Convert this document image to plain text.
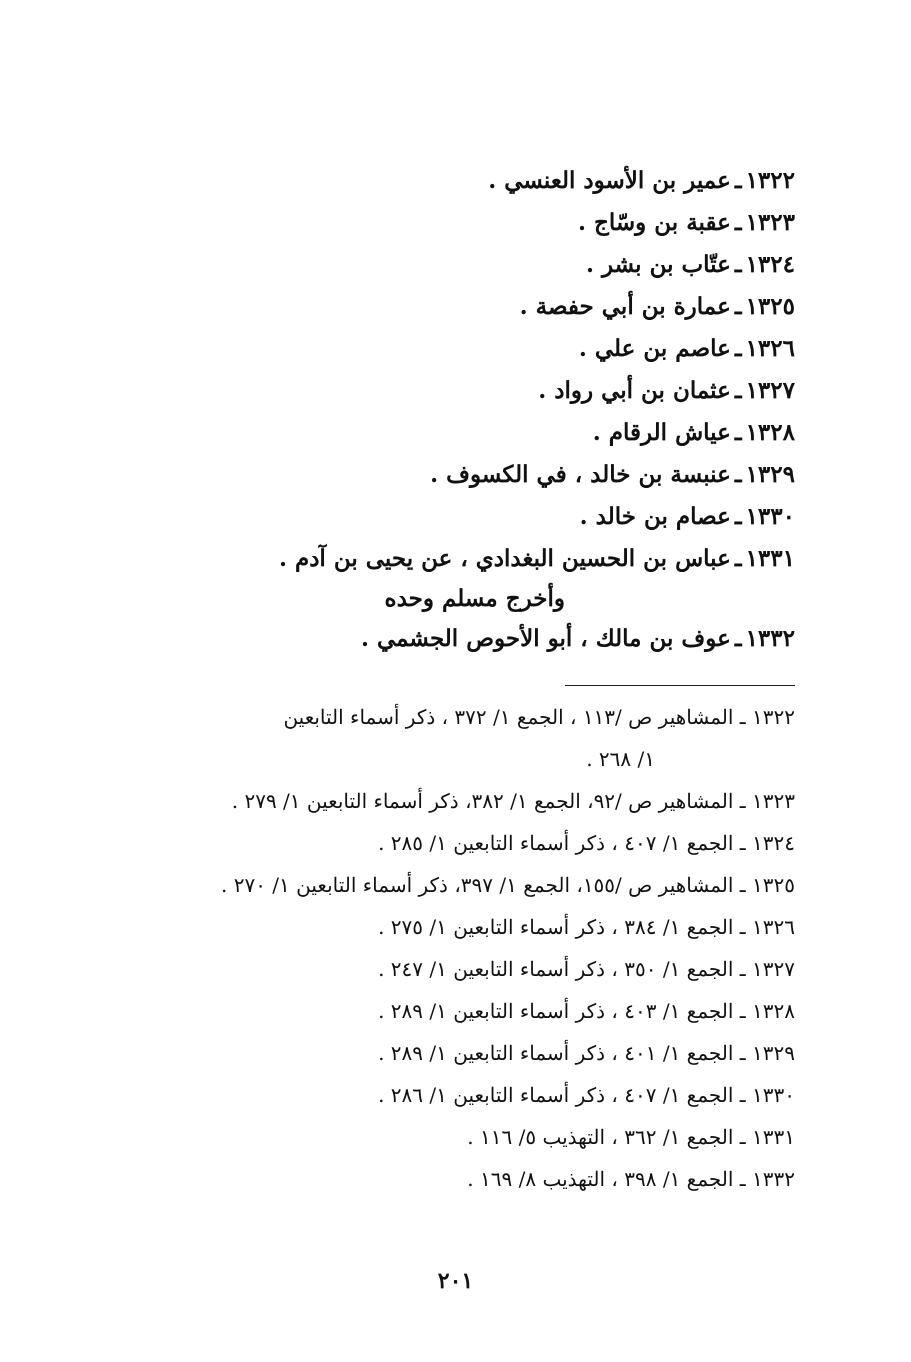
١٣٢٢ـعمير بن الأسود العنسي .
١٣٢٣ـعقبة بن وسّاج .
١٣٢٤ـعتّاب بن بشر .
١٣٢٥ـعمارة بن أبي حفصة .
١٣٢٦ـعاصم بن علي .
١٣٢٧ـعثمان بن أبي رواد .
١٣٢٨ـعياش الرقام .
١٣٢٩ـعنبسة بن خالد ، في الكسوف .
١٣٣٠ـعصام بن خالد .
١٣٣١ـعباس بن الحسين البغدادي ، عن يحيى بن آدم .
وأخرج مسلم وحده
١٣٣٢ـعوف بن مالك ، أبو الأحوص الجشمي .
١٣٢٢ ـ المشاهير ص /١١٣ ، الجمع ١/ ٣٧٢ ، ذكر أسماء التابعين
١/ ٢٦٨ .
١٣٢٣ ـ المشاهير ص /٩٢، الجمع ١/ ٣٨٢، ذكر أسماء التابعين ١/ ٢٧٩ .
١٣٢٤ ـ الجمع ١/ ٤٠٧ ، ذكر أسماء التابعين ١/ ٢٨٥ .
١٣٢٥ ـ المشاهير ص /١٥٥، الجمع ١/ ٣٩٧، ذكر أسماء التابعين ١/ ٢٧٠ .
١٣٢٦ ـ الجمع ١/ ٣٨٤ ، ذكر أسماء التابعين ١/ ٢٧٥ .
١٣٢٧ ـ الجمع ١/ ٣٥٠ ، ذكر أسماء التابعين ١/ ٢٤٧ .
١٣٢٨ ـ الجمع ١/ ٤٠٣ ، ذكر أسماء التابعين ١/ ٢٨٩ .
١٣٢٩ ـ الجمع ١/ ٤٠١ ، ذكر أسماء التابعين ١/ ٢٨٩ .
١٣٣٠ ـ الجمع ١/ ٤٠٧ ، ذكر أسماء التابعين ١/ ٢٨٦ .
١٣٣١ ـ الجمع ١/ ٣٦٢ ، التهذيب ٥/ ١١٦ .
١٣٣٢ ـ الجمع ١/ ٣٩٨ ، التهذيب ٨/ ١٦٩ .
٢٠١
